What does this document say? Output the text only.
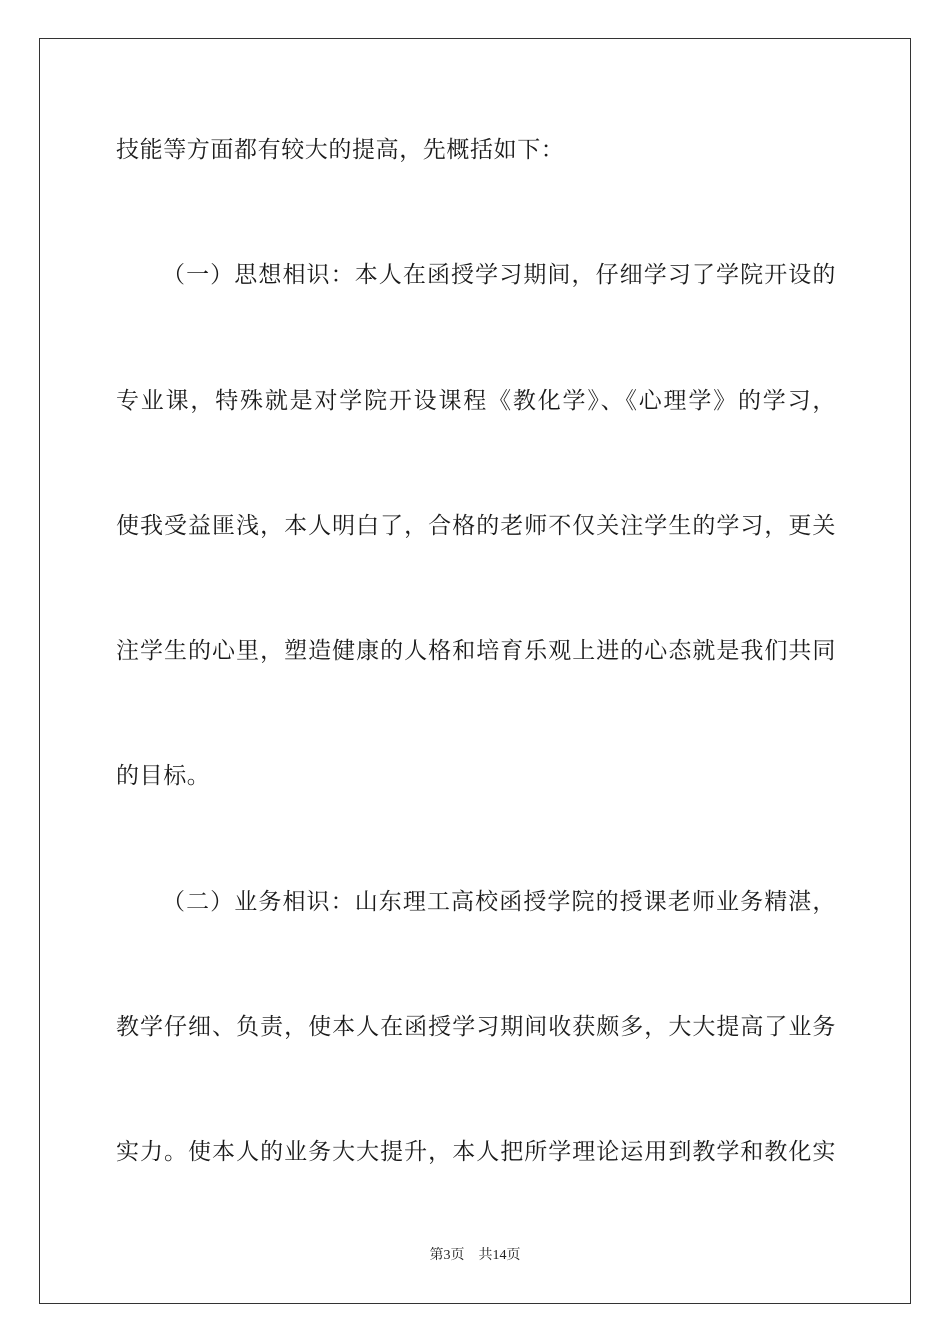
技能等方面都有较大的提高，先概括如下：
（一）思想相识：本人在函授学习期间，仔细学习了学院开设的
专业课，特殊就是对学院开设课程《教化学》、《心理学》的学习，
使我受益匪浅，本人明白了，合格的老师不仅关注学生的学习，更关
注学生的心里，塑造健康的人格和培育乐观上进的心态就是我们共同
的目标。
（二）业务相识：山东理工高校函授学院的授课老师业务精湛，
教学仔细、负责，使本人在函授学习期间收获颇多，大大提高了业务
实力。使本人的业务大大提升，本人把所学理论运用到教学和教化实
第3页 共14页
